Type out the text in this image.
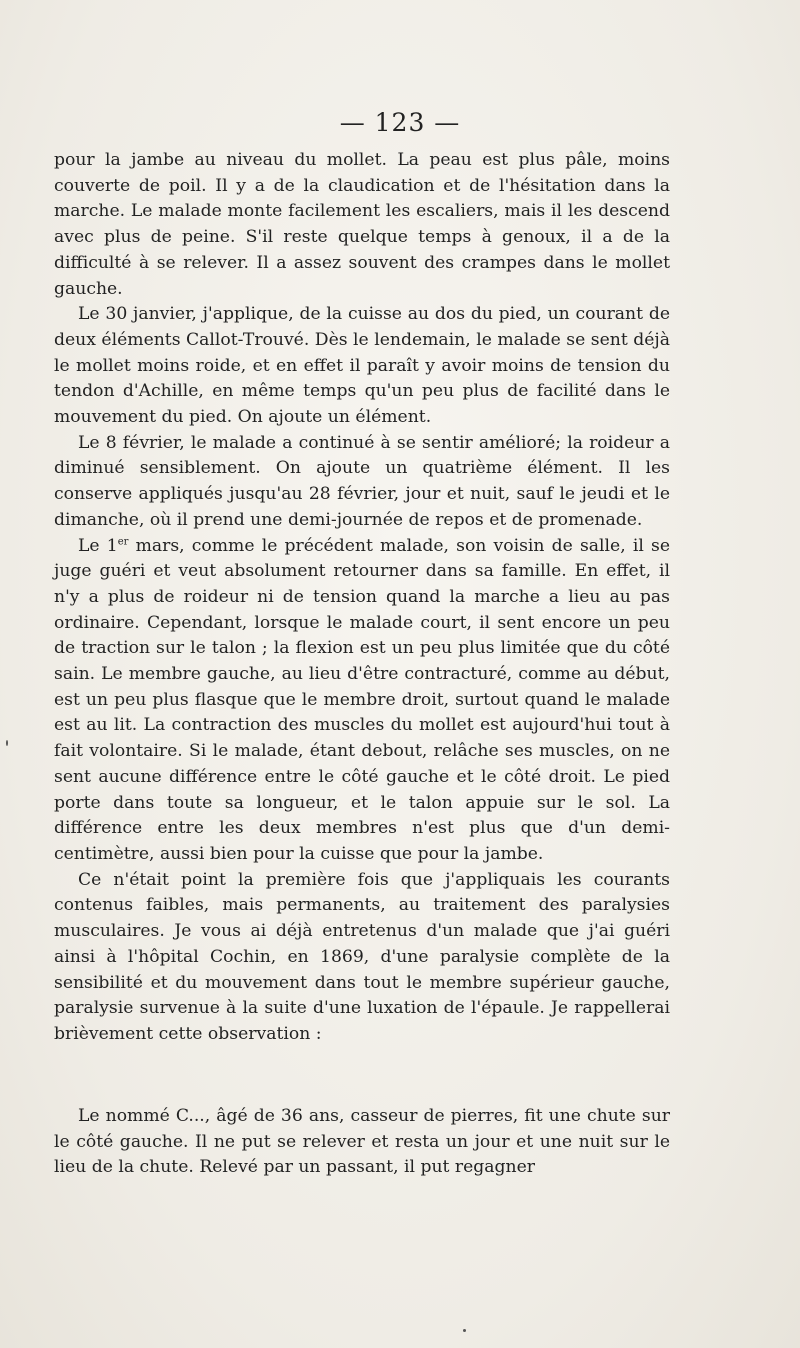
— 123 —

pour la jambe au niveau du mollet. La peau est plus pâle, moins couverte de poil. Il y a de la claudication et de l'hésitation dans la marche. Le malade monte facilement les escaliers, mais il les descend avec plus de peine. S'il reste quelque temps à genoux, il a de la difficulté à se relever. Il a assez souvent des crampes dans le mollet gauche.

Le 30 janvier, j'applique, de la cuisse au dos du pied, un courant de deux éléments Callot-Trouvé. Dès le lendemain, le malade se sent déjà le mollet moins roide, et en effet il paraît y avoir moins de tension du tendon d'Achille, en même temps qu'un peu plus de facilité dans le mouvement du pied. On ajoute un élément.

Le 8 février, le malade a continué à se sentir amélioré; la roideur a diminué sensiblement. On ajoute un quatrième élément. Il les conserve appliqués jusqu'au 28 février, jour et nuit, sauf le jeudi et le dimanche, où il prend une demi-journée de repos et de promenade.

Le 1er mars, comme le précédent malade, son voisin de salle, il se juge guéri et veut absolument retourner dans sa famille. En effet, il n'y a plus de roideur ni de tension quand la marche a lieu au pas ordinaire. Cependant, lorsque le malade court, il sent encore un peu de traction sur le talon ; la flexion est un peu plus limitée que du côté sain. Le membre gauche, au lieu d'être contracturé, comme au début, est un peu plus flasque que le membre droit, surtout quand le malade est au lit. La contraction des muscles du mollet est aujourd'hui tout à fait volontaire. Si le malade, étant debout, relâche ses muscles, on ne sent aucune différence entre le côté gauche et le côté droit. Le pied porte dans toute sa longueur, et le talon appuie sur le sol. La différence entre les deux membres n'est plus que d'un demi-centimètre, aussi bien pour la cuisse que pour la jambe.

Ce n'était point la première fois que j'appliquais les courants contenus faibles, mais permanents, au traitement des paralysies musculaires. Je vous ai déjà entretenus d'un malade que j'ai guéri ainsi à l'hôpital Cochin, en 1869, d'une paralysie complète de la sensibilité et du mouvement dans tout le membre supérieur gauche, paralysie survenue à la suite d'une luxation de l'épaule. Je rappellerai brièvement cette observation :

Le nommé C..., âgé de 36 ans, casseur de pierres, fit une chute sur le côté gauche. Il ne put se relever et resta un jour et une nuit sur le lieu de la chute. Relevé par un passant, il put regagner
